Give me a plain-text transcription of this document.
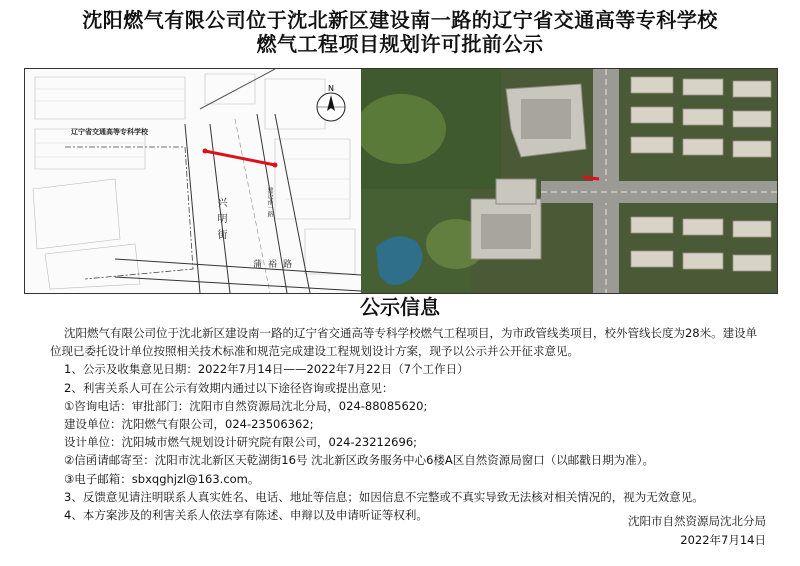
沈阳燃气有限公司位于沈北新区建设南一路的辽宁省交通高等专科学校
燃气工程项目规划许可批前公示
N
辽宁省交通高等专科学校
兴明街	建设南一路
蒲裕路
公示信息

沈阳燃气有限公司位于沈北新区建设南一路的辽宁省交通高等专科学校燃气工程项目，为市政管线类项目，校外管线长度为28米。建设单位现已委托设计单位按照相关技术标准和规范完成建设工程规划设计方案，现予以公示并公开征求意见。

1、公示及收集意见日期：2022年7月14日——2022年7月22日（7个工作日）

2、利害关系人可在公示有效期内通过以下途径咨询或提出意见：

①咨询电话：审批部门：沈阳市自然资源局沈北分局，024-88085620;

建设单位：沈阳燃气有限公司，024-23506362;

设计单位：沈阳城市燃气规划设计研究院有限公司，024-23212696;

②信函请邮寄至：沈阳市沈北新区天乾湖街16号 沈北新区政务服务中心6楼A区自然资源局窗口（以邮戳日期为准）。

③电子邮箱：sbxqghjzl@163.com。

3、反馈意见请注明联系人真实姓名、电话、地址等信息；如因信息不完整或不真实导致无法核对相关情况的，视为无效意见。

4、本方案涉及的利害关系人依法享有陈述、申辩以及申请听证等权利。	沈阳市自然资源局沈北分局
2022年7月14日
